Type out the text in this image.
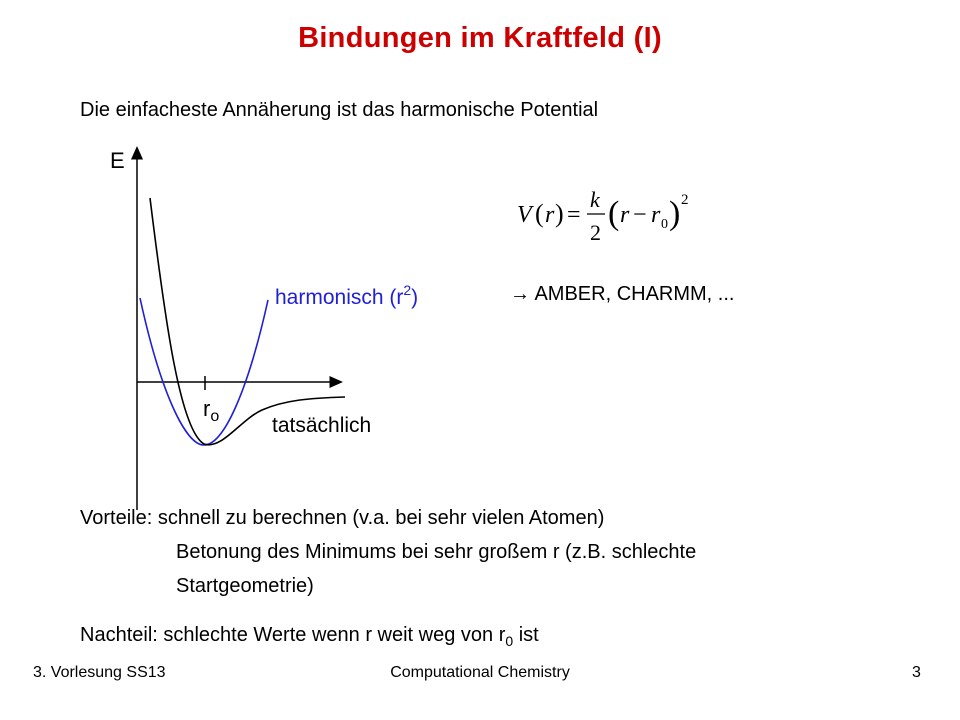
Bindungen im Kraftfeld (I)
Die einfacheste Annäherung ist das harmonische Potential
E
$r_o$
harmonisch $(r^2)$
tatsächlich
V ( r ) =
k
2
( r − r 0 ) 2
→ AMBER, CHARMM, ...
Vorteile: schnell zu berechnen (v.a. bei sehr vielen Atomen)
Betonung des Minimums bei sehr großem r (z.B. schlechte
Startgeometrie)
Nachteil: schlechte Werte wenn r weit weg von $r_0$ ist
3. Vorlesung SS13	Computational Chemistry	3
